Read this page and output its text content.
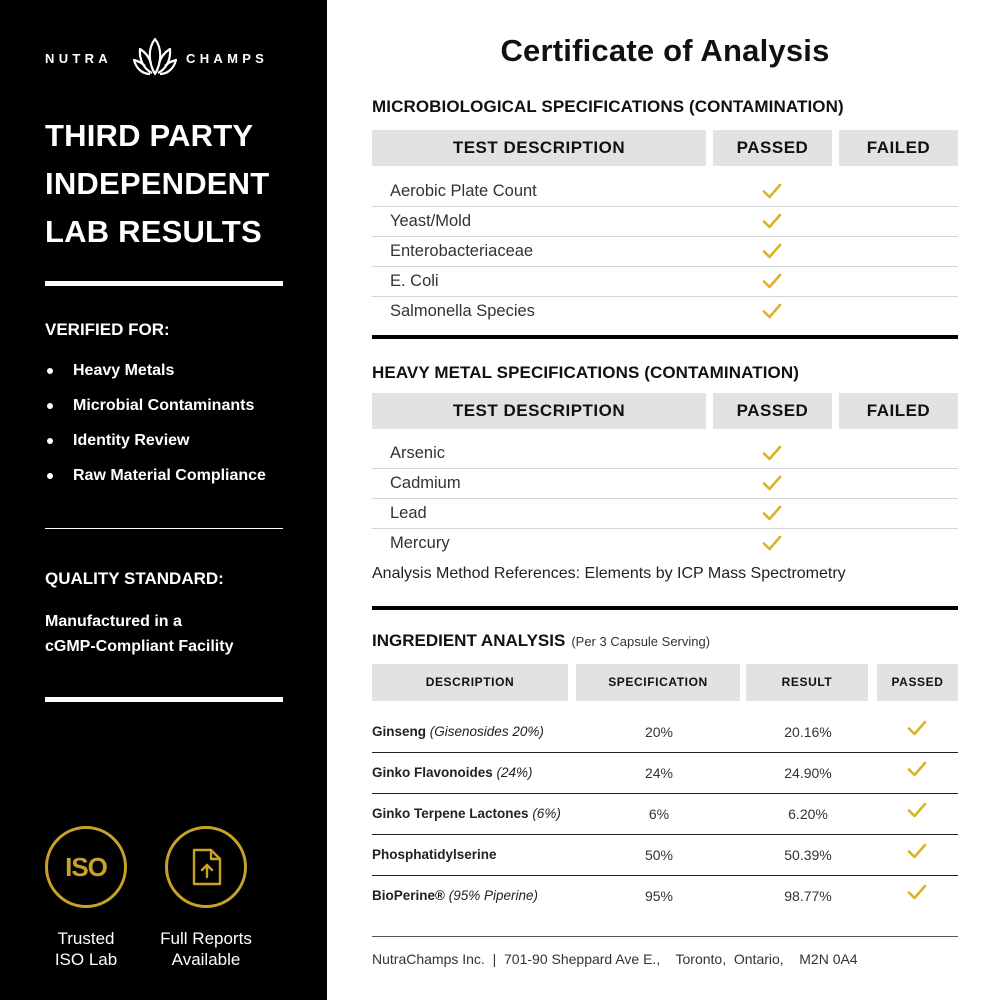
NUTRA	CHAMPS
THIRD PARTY
INDEPENDENT
LAB RESULTS
VERIFIED FOR:
Heavy Metals
Microbial Contaminants
Identity Review
Raw Material Compliance
QUALITY STANDARD:
Manufactured in a
cGMP-Compliant Facility
ISO
Trusted
ISO Lab
Full Reports
Available
Certificate of Analysis
MICROBIOLOGICAL SPECIFICATIONS (CONTAMINATION)
TEST DESCRIPTION	PASSED	FAILED
Aerobic Plate Count
Yeast/Mold
Enterobacteriaceae
E. Coli
Salmonella Species
HEAVY METAL SPECIFICATIONS (CONTAMINATION)
TEST DESCRIPTION	PASSED	FAILED
Arsenic
Cadmium
Lead
Mercury
Analysis Method References: Elements by ICP Mass Spectrometry
INGREDIENT ANALYSIS (Per 3 Capsule Serving)
DESCRIPTION	SPECIFICATION	RESULT	PASSED
Ginseng (Gisenosides 20%)	20%	20.16%
Ginko Flavonoides (24%)	24%	24.90%
Ginko Terpene Lactones (6%)	6%	6.20%
Phosphatidylserine	50%	50.39%
BioPerine® (95% Piperine)	95%	98.77%
NutraChamps Inc.  |  701-90 Sheppard Ave E.,    Toronto,  Ontario,    M2N 0A4
